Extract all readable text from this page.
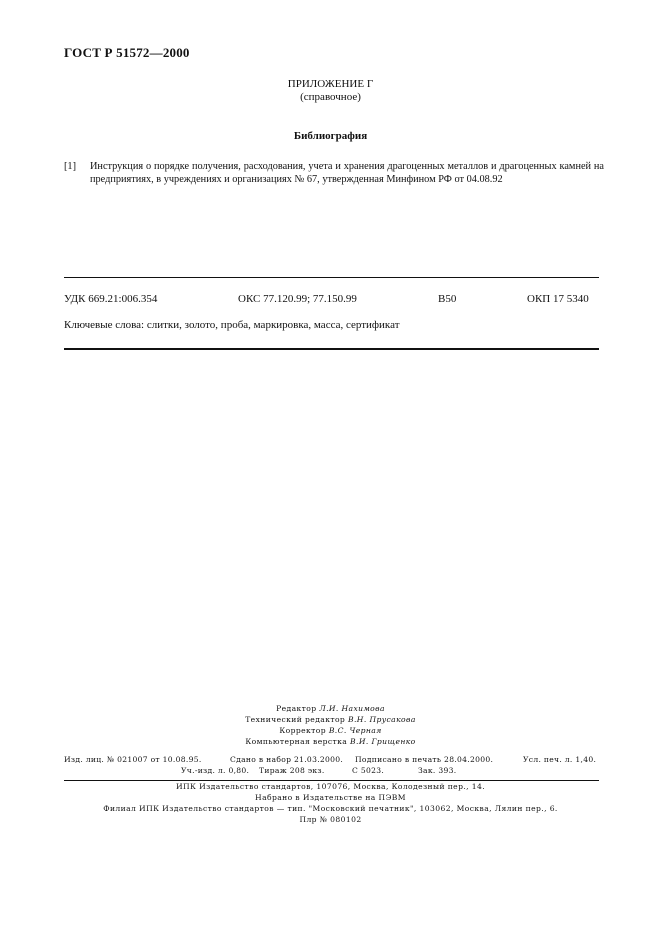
ГОСТ Р 51572—2000
ПРИЛОЖЕНИЕ Г
(справочное)
Библиография
[1] Инструкция о порядке получения, расходования, учета и хранения драгоценных металлов и драгоценных камней на предприятиях, в учреждениях и организациях № 67, утвержденная Минфином РФ от 04.08.92
УДК 669.21:006.354	ОКС 77.120.99; 77.150.99	В50	ОКП 17 5340
Ключевые слова: слитки, золото, проба, маркировка, масса, сертификат
Редактор Л.И. Нахимова
Технический редактор В.Н. Прусакова
Корректор В.С. Черная
Компьютерная верстка В.И. Грищенко
Изд. лиц. № 021007 от 10.08.95.	Сдано в набор 21.03.2000. Подписано в печать 28.04.2000.	Усл. печ. л. 1,40.
Уч.-изд. л. 0,80. Тираж 208 экз.	С 5023.	Зак. 393.
ИПК Издательство стандартов, 107076, Москва, Колодезный пер., 14.
Набрано в Издательстве на ПЭВМ
Филиал ИПК Издательство стандартов — тип. "Московский печатник", 103062, Москва, Лялин пер., 6.
Плр № 080102
